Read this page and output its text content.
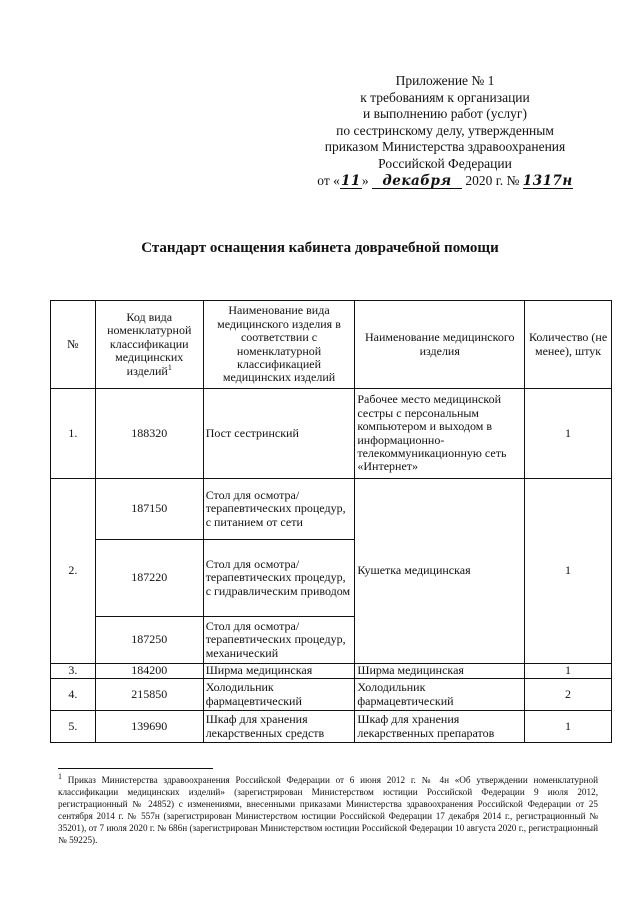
Приложение № 1
к требованиям к организации
и выполнению работ (услуг)
по сестринскому делу, утвержденным
приказом Министерства здравоохранения
Российской Федерации
от «11» декабря 2020 г. № 1317н
Стандарт оснащения кабинета доврачебной помощи
№	Код вида номенклатурной классификации медицинских изделий$^1$	Наименование вида медицинского изделия в соответствии с номенклатурной классификацией медицинских изделий	Наименование медицинского изделия	Количество (не менее), штук
1.	188320	Пост сестринский	Рабочее место медицинской сестры с персональным компьютером и выходом в информационно-телекоммуникационную сеть «Интернет»	1
2.	187150	Стол для осмотра/терапевтических процедур, с питанием от сети	Кушетка медицинская	1
	187220	Стол для осмотра/терапевтических процедур, с гидравлическим приводом		
	187250	Стол для осмотра/терапевтических процедур, механический		
3.	184200	Ширма медицинская	Ширма медицинская	1
4.	215850	Холодильник фармацевтический	Холодильник фармацевтический	2
5.	139690	Шкаф для хранения лекарственных средств	Шкаф для хранения лекарственных препаратов	1
1 Приказ Министерства здравоохранения Российской Федерации от 6 июня 2012 г. № 4н «Об утверждении номенклатурной классификации медицинских изделий» (зарегистрирован Министерством юстиции Российской Федерации 9 июля 2012, регистрационный № 24852) с изменениями, внесенными приказами Министерства здравоохранения Российской Федерации от 25 сентября 2014 г. № 557н (зарегистрирован Министерством юстиции Российской Федерации 17 декабря 2014 г., регистрационный № 35201), от 7 июля 2020 г. № 686н (зарегистрирован Министерством юстиции Российской Федерации 10 августа 2020 г., регистрационный № 59225).
